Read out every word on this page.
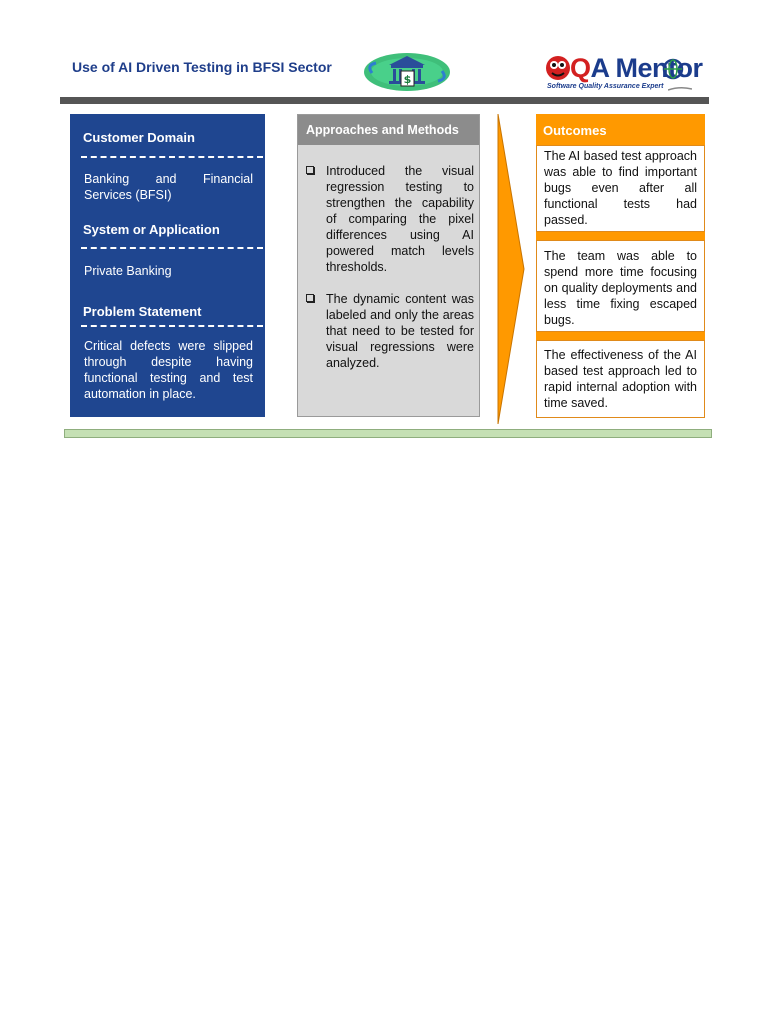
Use of AI Driven Testing in BFSI Sector
$	QA Mentor
Software Quality Assurance Expert
Customer Domain
Banking and Financial Services (BFSI)
System or Application
Private Banking
Problem Statement
Critical defects were slipped through despite having functional testing and test automation in place.
Approaches and Methods
Introduced the visual regression testing to strengthen the capability of comparing the pixel differences using AI powered match levels thresholds.
The dynamic content was labeled and only the areas that need to be tested for visual regressions were analyzed.
Outcomes
The AI based test approach was able to find important bugs even after all functional tests had passed.
The team was able to spend more time focusing on quality deployments and less time fixing escaped bugs.
The effectiveness of the AI based test approach led to rapid internal adoption with time saved.
